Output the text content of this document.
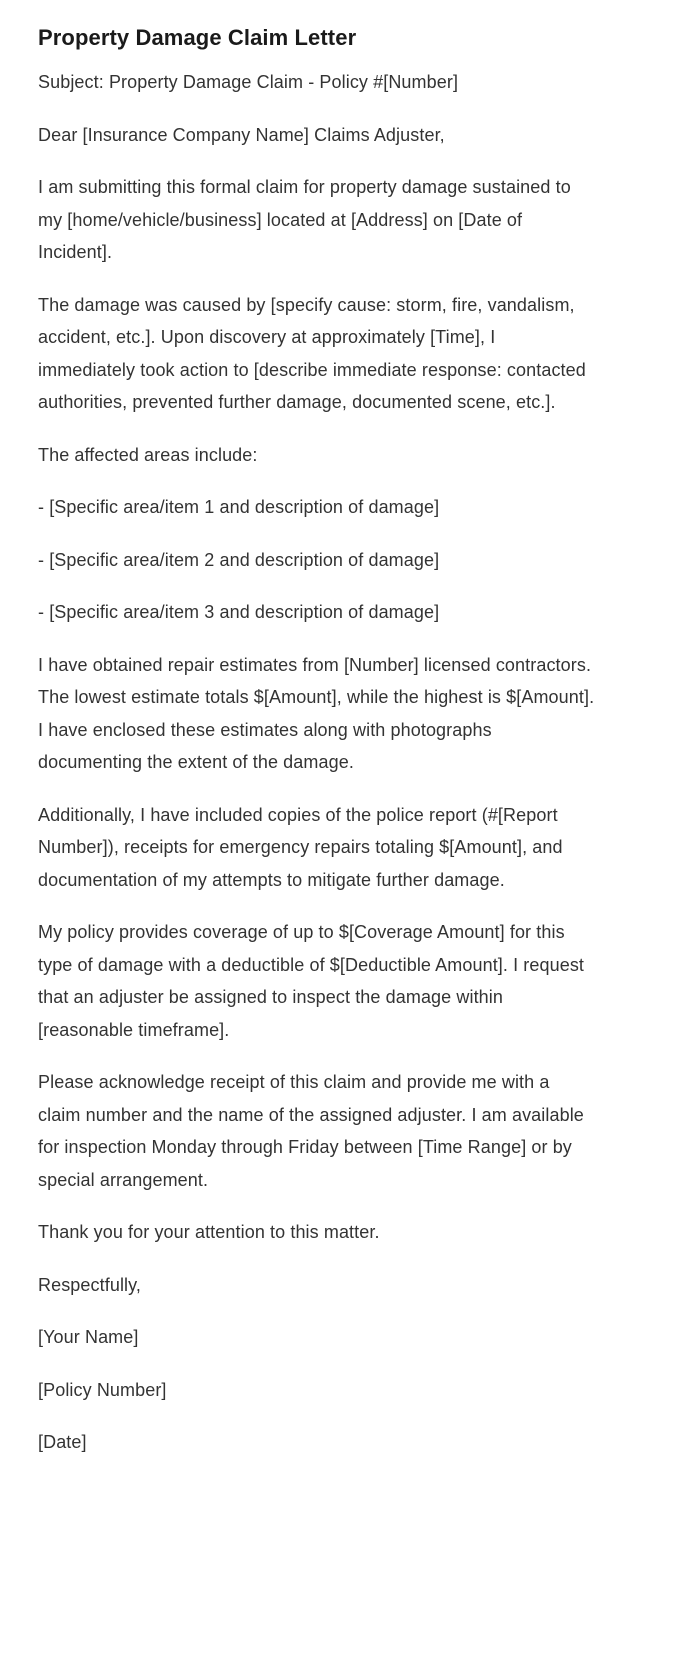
Property Damage Claim Letter

Subject: Property Damage Claim - Policy #[Number]

Dear [Insurance Company Name] Claims Adjuster,

I am submitting this formal claim for property damage sustained to my [home/vehicle/business] located at [Address] on [Date of Incident].

The damage was caused by [specify cause: storm, fire, vandalism, accident, etc.]. Upon discovery at approximately [Time], I immediately took action to [describe immediate response: contacted authorities, prevented further damage, documented scene, etc.].

The affected areas include:

- [Specific area/item 1 and description of damage]

- [Specific area/item 2 and description of damage]

- [Specific area/item 3 and description of damage]

I have obtained repair estimates from [Number] licensed contractors. The lowest estimate totals $[Amount], while the highest is $[Amount]. I have enclosed these estimates along with photographs documenting the extent of the damage.

Additionally, I have included copies of the police report (#[Report Number]), receipts for emergency repairs totaling $[Amount], and documentation of my attempts to mitigate further damage.

My policy provides coverage of up to $[Coverage Amount] for this type of damage with a deductible of $[Deductible Amount]. I request that an adjuster be assigned to inspect the damage within [reasonable timeframe].

Please acknowledge receipt of this claim and provide me with a claim number and the name of the assigned adjuster. I am available for inspection Monday through Friday between [Time Range] or by special arrangement.

Thank you for your attention to this matter.

Respectfully,

[Your Name]

[Policy Number]

[Date]
